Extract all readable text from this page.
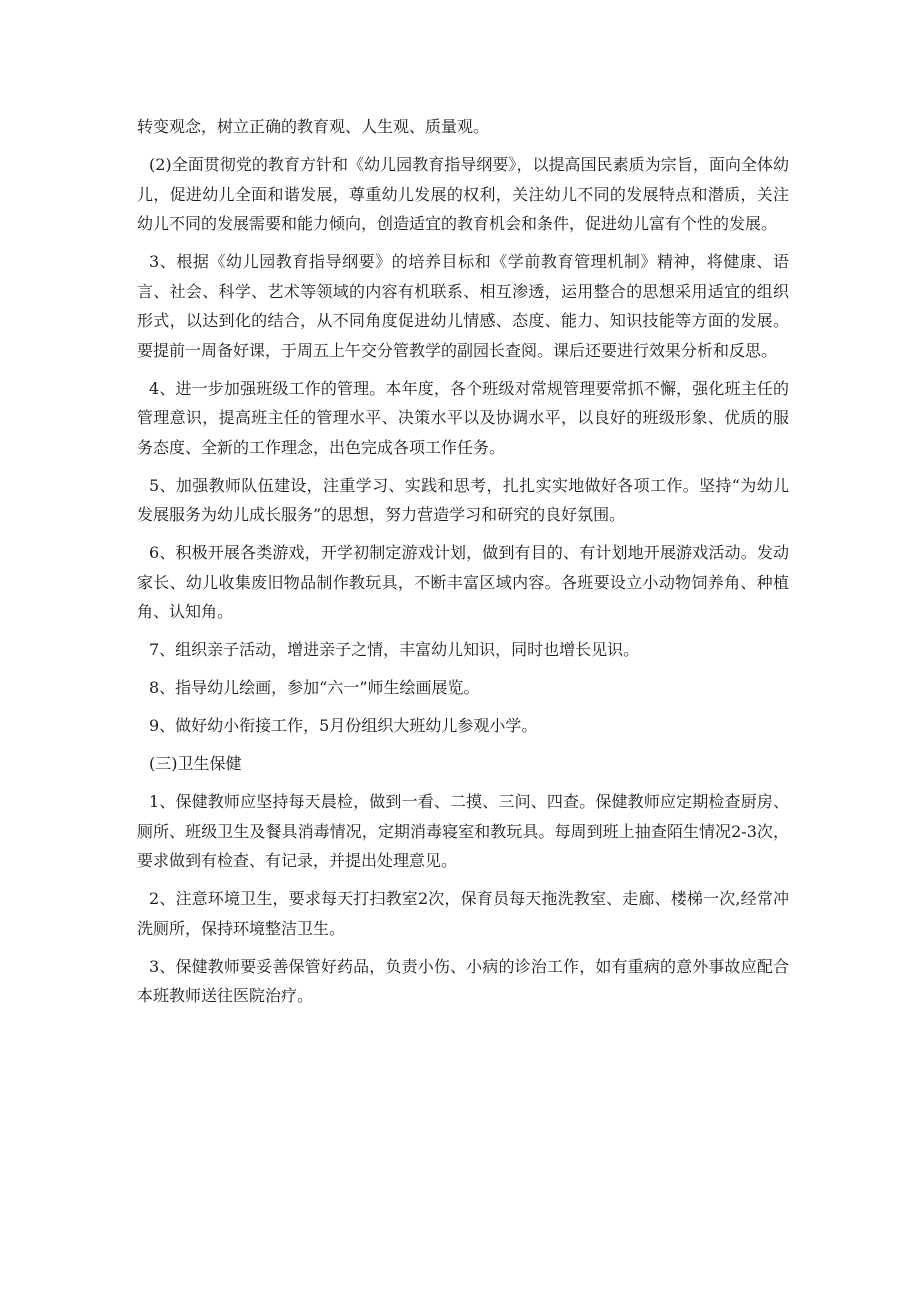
转变观念，树立正确的教育观、人生观、质量观。

(2)全面贯彻党的教育方针和《幼儿园教育指导纲要》，以提高国民素质为宗旨，面向全体幼儿，促进幼儿全面和谐发展，尊重幼儿发展的权利，关注幼儿不同的发展特点和潜质，关注幼儿不同的发展需要和能力倾向，创造适宜的教育机会和条件，促进幼儿富有个性的发展。

3、根据《幼儿园教育指导纲要》的培养目标和《学前教育管理机制》精神，将健康、语言、社会、科学、艺术等领域的内容有机联系、相互渗透，运用整合的思想采用适宜的组织形式，以达到化的结合，从不同角度促进幼儿情感、态度、能力、知识技能等方面的发展。要提前一周备好课，于周五上午交分管教学的副园长查阅。课后还要进行效果分析和反思。

4、进一步加强班级工作的管理。本年度，各个班级对常规管理要常抓不懈，强化班主任的管理意识，提高班主任的管理水平、决策水平以及协调水平，以良好的班级形象、优质的服务态度、全新的工作理念，出色完成各项工作任务。

5、加强教师队伍建设，注重学习、实践和思考，扎扎实实地做好各项工作。坚持“为幼儿发展服务为幼儿成长服务”的思想，努力营造学习和研究的良好氛围。

6、积极开展各类游戏，开学初制定游戏计划，做到有目的、有计划地开展游戏活动。发动家长、幼儿收集废旧物品制作教玩具，不断丰富区域内容。各班要设立小动物饲养角、种植角、认知角。

7、组织亲子活动，增进亲子之情，丰富幼儿知识，同时也增长见识。

8、指导幼儿绘画，参加“六一”师生绘画展览。

9、做好幼小衔接工作，5月份组织大班幼儿参观小学。

(三)卫生保健

1、保健教师应坚持每天晨检，做到一看、二摸、三问、四查。保健教师应定期检查厨房、厕所、班级卫生及餐具消毒情况，定期消毒寝室和教玩具。每周到班上抽查陌生情况2-3次，要求做到有检查、有记录，并提出处理意见。

2、注意环境卫生，要求每天打扫教室2次，保育员每天拖洗教室、走廊、楼梯一次,经常冲洗厕所，保持环境整洁卫生。

3、保健教师要妥善保管好药品，负责小伤、小病的诊治工作，如有重病的意外事故应配合本班教师送往医院治疗。
